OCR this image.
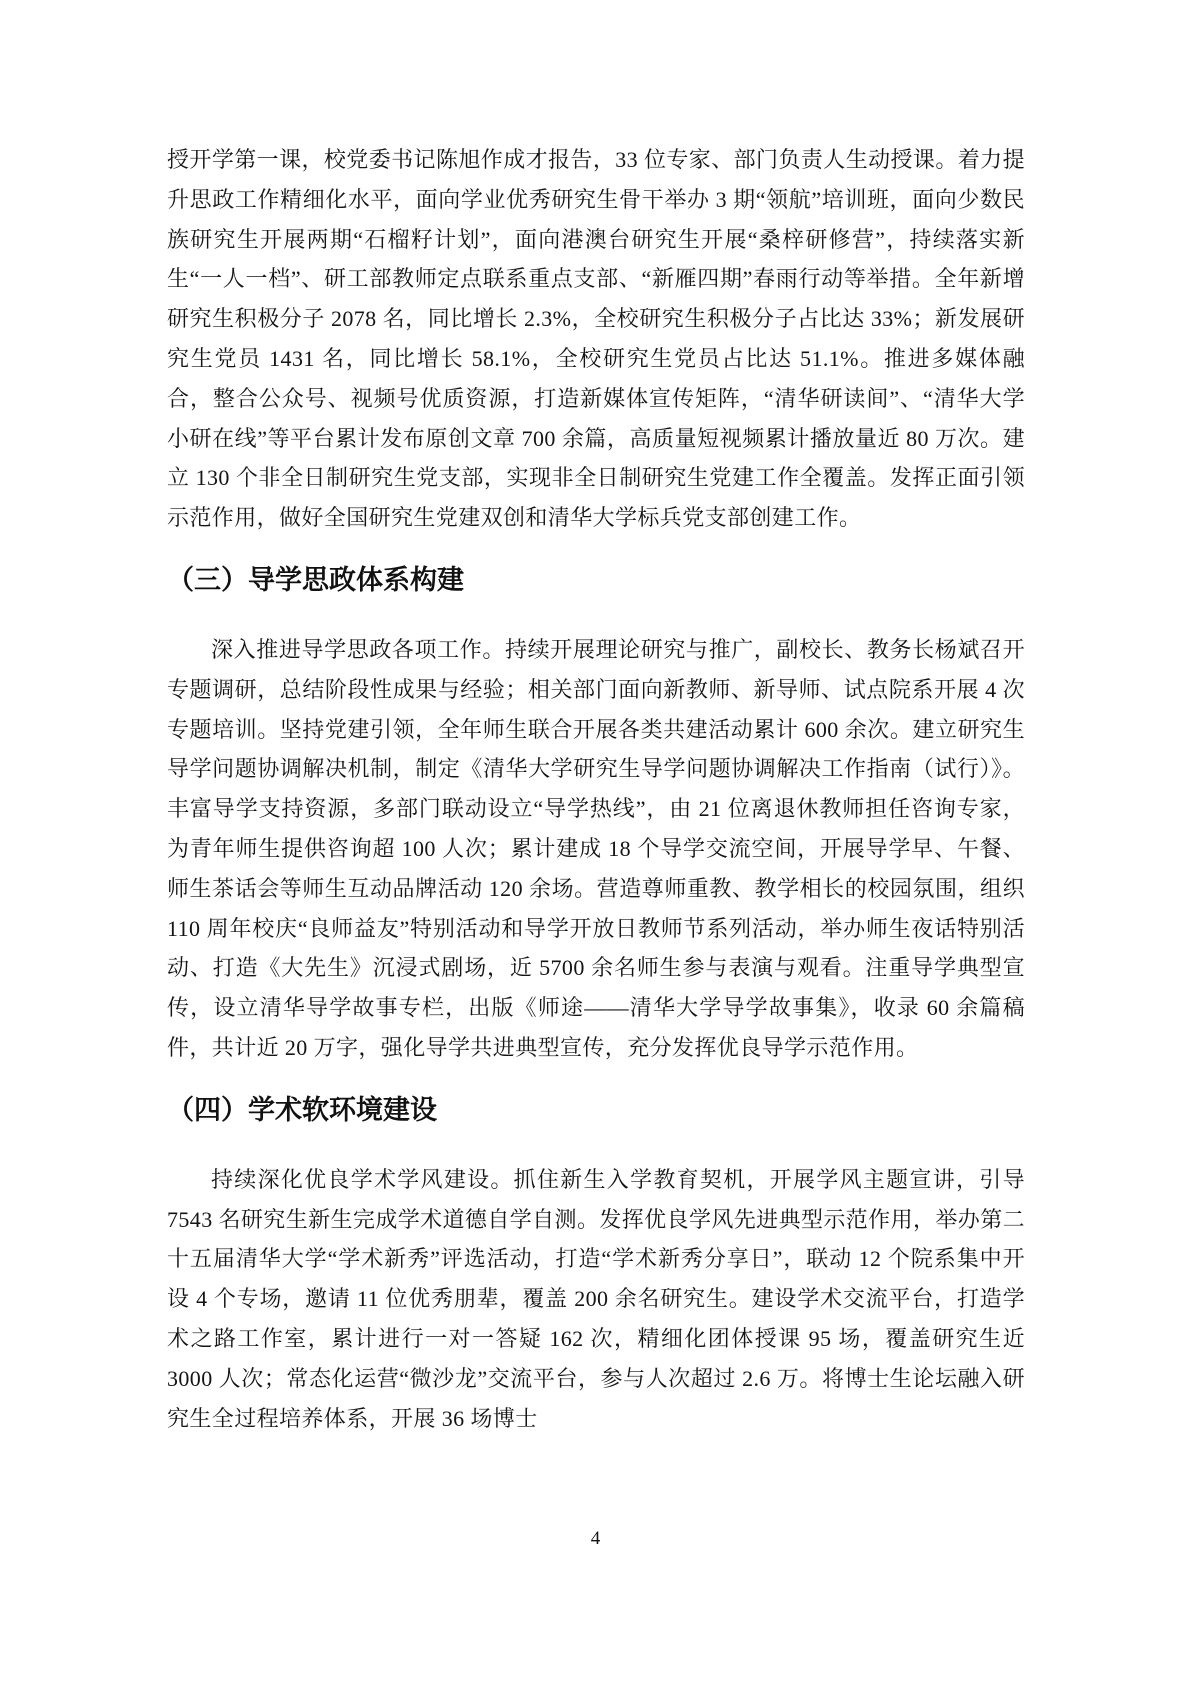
授开学第一课，校党委书记陈旭作成才报告，33 位专家、部门负责人生动授课。着力提升思政工作精细化水平，面向学业优秀研究生骨干举办 3 期“领航”培训班，面向少数民族研究生开展两期“石榴籽计划”，面向港澳台研究生开展“桑梓研修营”，持续落实新生“一人一档”、研工部教师定点联系重点支部、“新雁四期”春雨行动等举措。全年新增研究生积极分子 2078 名，同比增长 2.3%，全校研究生积极分子占比达 33%；新发展研究生党员 1431 名，同比增长 58.1%，全校研究生党员占比达 51.1%。推进多媒体融合，整合公众号、视频号优质资源，打造新媒体宣传矩阵，“清华研读间”、“清华大学小研在线”等平台累计发布原创文章 700 余篇，高质量短视频累计播放量近 80 万次。建立 130 个非全日制研究生党支部，实现非全日制研究生党建工作全覆盖。发挥正面引领示范作用，做好全国研究生党建双创和清华大学标兵党支部创建工作。

（三）导学思政体系构建

深入推进导学思政各项工作。持续开展理论研究与推广，副校长、教务长杨斌召开专题调研，总结阶段性成果与经验；相关部门面向新教师、新导师、试点院系开展 4 次专题培训。坚持党建引领，全年师生联合开展各类共建活动累计 600 余次。建立研究生导学问题协调解决机制，制定《清华大学研究生导学问题协调解决工作指南（试行）》。丰富导学支持资源，多部门联动设立“导学热线”，由 21 位离退休教师担任咨询专家，为青年师生提供咨询超 100 人次；累计建成 18 个导学交流空间，开展导学早、午餐、师生茶话会等师生互动品牌活动 120 余场。营造尊师重教、教学相长的校园氛围，组织 110 周年校庆“良师益友”特别活动和导学开放日教师节系列活动，举办师生夜话特别活动、打造《大先生》沉浸式剧场，近 5700 余名师生参与表演与观看。注重导学典型宣传，设立清华导学故事专栏，出版《师途——清华大学导学故事集》，收录 60 余篇稿件，共计近 20 万字，强化导学共进典型宣传，充分发挥优良导学示范作用。

（四）学术软环境建设

持续深化优良学术学风建设。抓住新生入学教育契机，开展学风主题宣讲，引导 7543 名研究生新生完成学术道德自学自测。发挥优良学风先进典型示范作用，举办第二十五届清华大学“学术新秀”评选活动，打造“学术新秀分享日”，联动 12 个院系集中开设 4 个专场，邀请 11 位优秀朋辈，覆盖 200 余名研究生。建设学术交流平台，打造学术之路工作室，累计进行一对一答疑 162 次，精细化团体授课 95 场，覆盖研究生近 3000 人次；常态化运营“微沙龙”交流平台，参与人次超过 2.6 万。将博士生论坛融入研究生全过程培养体系，开展 36 场博士

4
